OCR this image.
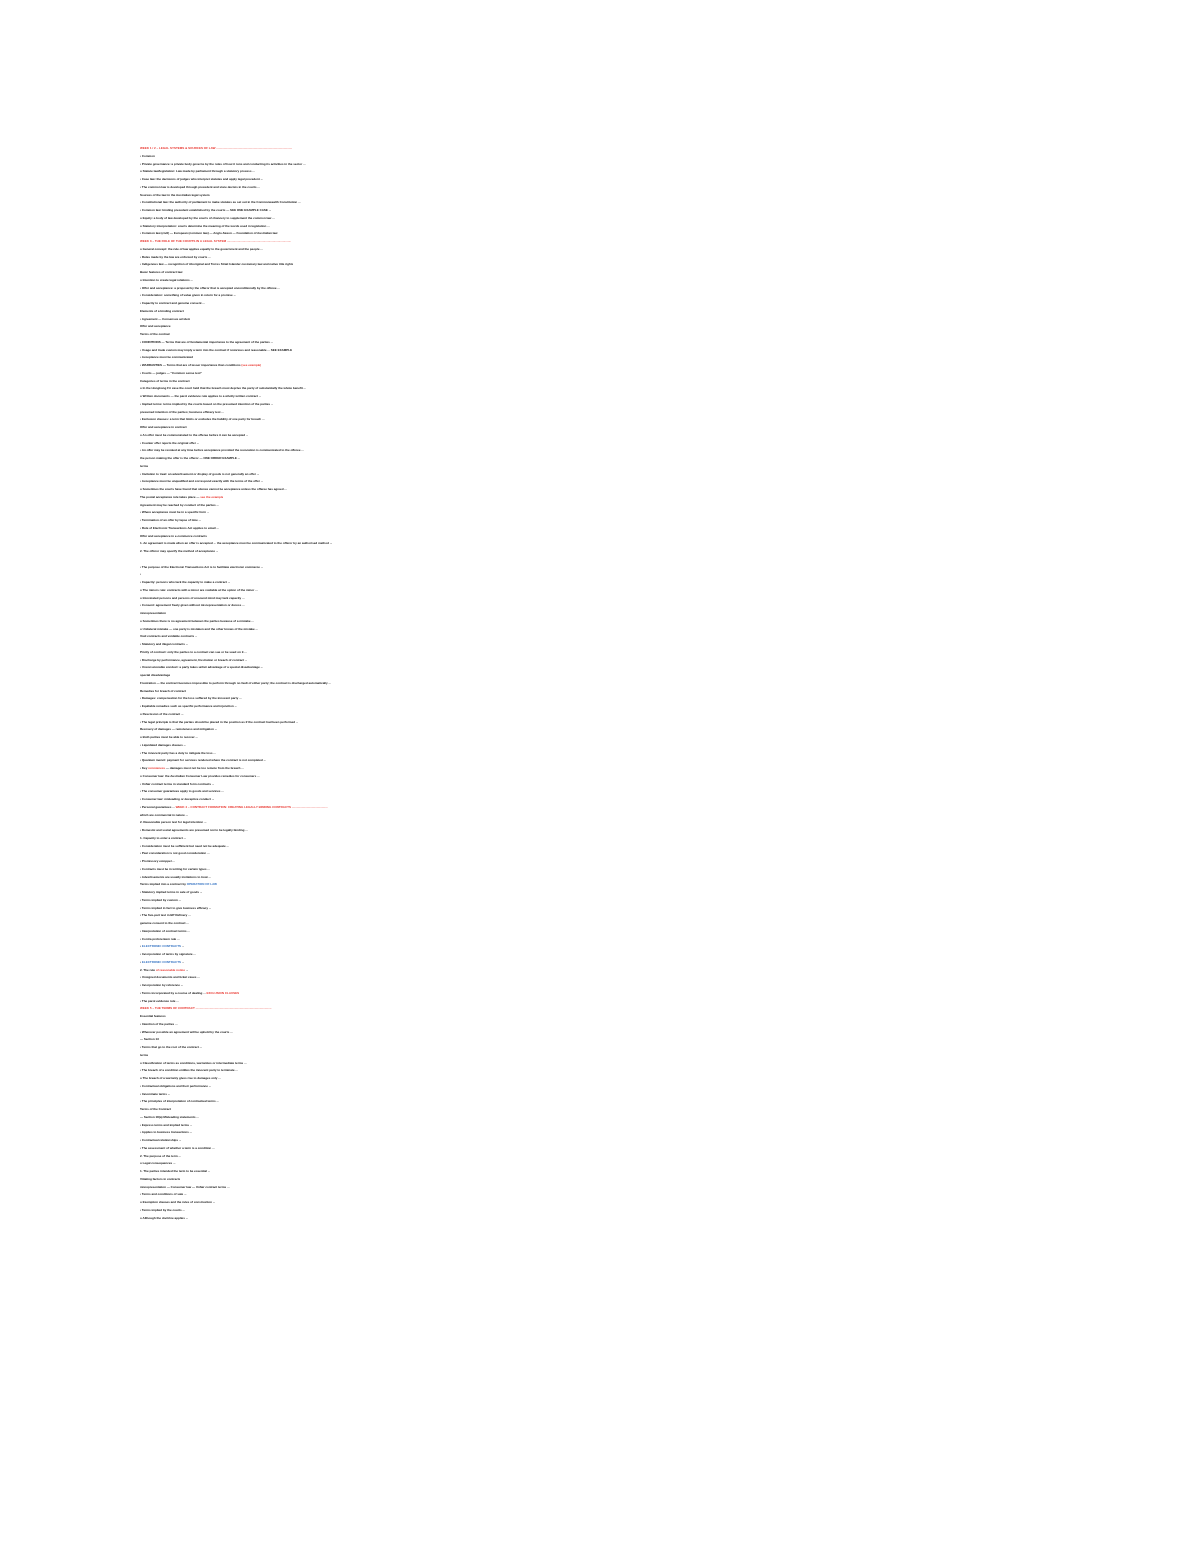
WEEK 1 / 2 – LEGAL SYSTEMS & SOURCES OF LAW ...........................................................................................
• Common
• Private governance: a private body governs by the rules of how it runs and conducting its activities in the sector ...
o Statute law/legislation: Law made by parliament through a statutory process ...
• Case law: the decisions of judges who interpret statutes and apply legal precedent ...
• The common law is developed through precedent and stare decisis in the courts ...
Sources of the law in the Australian legal system
• Constitutional law: the authority of parliament to make statutes as set out in the Commonwealth Constitution ...
• Common law: binding precedent established by the courts — SEE ONE EXAMPLE CASE ...
o Equity: a body of law developed by the courts of chancery to supplement the common law ...
o Statutory interpretation: courts determine the meaning of the words used in legislation ...
• Common law (civil) — European (common law) — Anglo-Saxon — Foundation of Australian law
WEEK 3 – THE ROLE OF THE COURTS IN A LEGAL SYSTEM .............................................................................
o General concept: the rule of law applies equally to the government and the people ...
• Rules made by the law are enforced by courts ...
• Indigenous law — recognition of Aboriginal and Torres Strait Islander customary law and native title rights
Basic features of contract law
o Intention to create legal relations ...
• Offer and acceptance: a proposal by the offeror that is accepted unconditionally by the offeree ...
• Consideration: something of value given in return for a promise ...
• Capacity to contract and genuine consent ...
Elements of a binding contract
• Agreement — Consensus ad idem
Offer and acceptance
Terms of the contract
• CONDITIONS — Terms that are of fundamental importance to the agreement of the parties ...
• Usage and trade custom may imply a term into the contract if notorious and reasonable ... SEE EXAMPLE
• Acceptance must be communicated
• WARRANTIES — Terms that are of lesser importance than conditions (see example)
• Courts — judges — "Common sense test"
Categories of terms in the contract
o In the Hongkong Fir case the court held that the breach must deprive the party of substantially the whole benefit ...
o Written documents — the parol evidence rule applies to a wholly written contract ...
• Implied terms: terms implied by the courts based on the presumed intention of the parties ...
presumed intention of the parties; business efficacy test ...
• Exclusion clauses: a term that limits or excludes the liability of one party for breach ...
Offer and acceptance in contract
o An offer must be communicated to the offeree before it can be accepted ...
• Counter offer rejects the original offer ...
• An offer may be revoked at any time before acceptance provided the revocation is communicated to the offeree ...
the person making the offer is the offeror — ONE ORDER EXAMPLE ...
terms
• Invitation to treat: an advertisement or display of goods is not generally an offer ...
• Acceptance must be unqualified and correspond exactly with the terms of the offer ...
o Sometimes the courts have found that silence cannot be acceptance unless the offeree has agreed ...
The postal acceptance rule takes place — see the example
Agreement may be reached by conduct of the parties ...
• Where acceptance must be in a specific form ...
• Termination of an offer by lapse of time ...
• Rule of Electronic Transactions Act applies to email ...
Offer and acceptance in e-commerce contracts
1. An agreement is made when an offer is accepted ... the acceptance must be communicated to the offeror by an authorised method ...
2. The offeror may specify the method of acceptance ...
• The purpose of the Electronic Transactions Act is to facilitate electronic commerce ...
•
• Capacity: persons who lack the capacity to make a contract ...
o The minors rule: contracts with a minor are voidable at the option of the minor ...
o Intoxicated persons and persons of unsound mind may lack capacity ...
• Consent: agreement freely given without misrepresentation or duress ...
misrepresentation
o Sometimes there is no agreement between the parties because of a mistake ...
o Unilateral mistake — one party is mistaken and the other knows of the mistake ...
Void contracts and voidable contracts ...
• Statutory and illegal contracts ...
Privity of contract: only the parties to a contract can sue or be sued on it ...
• Discharge by performance, agreement, frustration or breach of contract ...
• Unconscionable conduct: a party takes unfair advantage of a special disadvantage ...
special disadvantage
Frustration — the contract becomes impossible to perform through no fault of either party; the contract is discharged automatically ...
Remedies for breach of contract
• Damages: compensation for the loss suffered by the innocent party ...
• Equitable remedies such as specific performance and injunction ...
o Rescission of the contract ...
• The legal principle is that the parties should be placed in the position as if the contract had been performed ...
Recovery of damages — remoteness and mitigation ...
o Both parties must be able to recover ...
• Liquidated damages clauses ...
• The innocent party has a duty to mitigate the loss ...
• Quantum meruit: payment for services rendered where the contract is not completed ...
• Key remoteness — damages must not be too remote from the breach ...
o Consumer law: the Australian Consumer Law provides remedies for consumers ...
• Unfair contract terms in standard form contracts ...
• The consumer guarantees apply to goods and services ...
• Consumer law: misleading or deceptive conduct ...
• Personal guarantees ... WEEK 4 – CONTRACT FORMATION: CREATING LEGALLY BINDING CONTRACTS ...........................................
which are commercial in nature ...
2. Reasonable person test for legal intention ...
• Domestic and social agreements are presumed not to be legally binding ...
1. Capacity to enter a contract ...
• Consideration must be sufficient but need not be adequate ...
• Past consideration is not good consideration ...
• Promissory estoppel ...
• Contracts must be in writing for certain types ...
• Advertisements are usually invitations to treat ...
Terms implied into a contract by OPERATION OF LAW
• Statutory implied terms in sale of goods ...
• Terms implied by custom ...
• Terms implied in fact to give business efficacy ...
• The five-part test in BP Refinery ...
genuine consent to the contract ...
• Interpretation of contract terms ...
• Contra proferentem rule ...
• ELECTRONIC CONTRACTS ...
• Incorporation of terms by signature ...
• ELECTRONIC CONTRACTS ...
2. The rule of reasonable notice ...
• Unsigned documents and ticket cases ...
• Incorporation by reference ...
• Terms incorporated by a course of dealing ... EXCLUSION CLAUSES
• The parol evidence rule ...
WEEK 5 – THE TERMS OF CONTRACT ...........................................................................................
Essential features
• Intention of the parties ...
• Wherever possible an agreement will be upheld by the courts ...
— Section 13
• Terms that go to the root of the contract ...
terms
o Classification of terms as conditions, warranties or intermediate terms ...
• The breach of a condition entitles the innocent party to terminate ...
o The breach of a warranty gives rise to damages only ...
• Contractual obligations and their performance ...
• Innominate terms ...
• The principles of interpretation of contractual terms ...
Terms of the Contract
— Section 18(a) Misleading statements ...
• Express terms and implied terms ...
• Applies to business transactions ...
• Contractual relationships ...
• The assessment of whether a term is a condition ...
2. The purpose of the term ...
o Legal consequences ...
1. The parties intended the term to be essential ...
Vitiating factors in contracts
misrepresentation — Consumer law — Unfair contract terms ...
• Terms and conditions of sale ...
o Exemption clauses and the rules of construction ...
• Terms implied by the courts ...
o Although the doctrine applies ...
